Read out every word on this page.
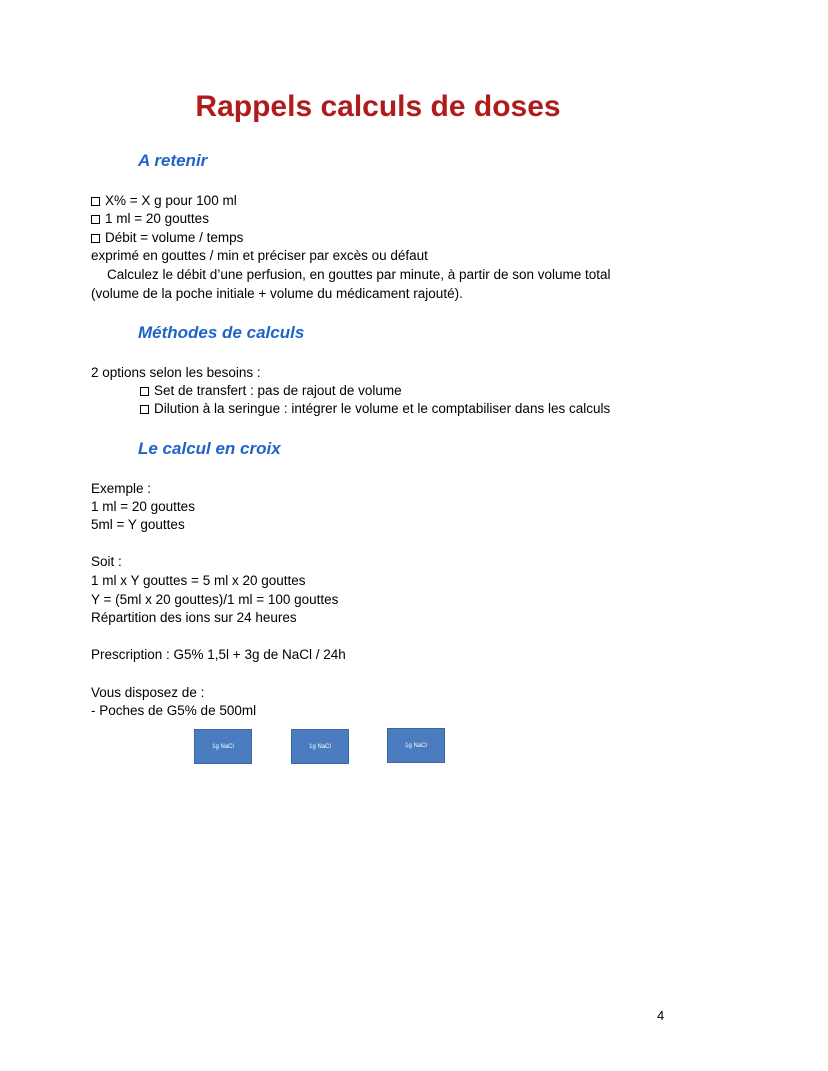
Rappels calculs de doses
A retenir

X% = X g pour 100 ml

1 ml = 20 gouttes

Débit = volume / temps

exprimé en gouttes / min et préciser par excès ou défaut

Calculez le débit d’une perfusion, en gouttes par minute, à partir de son volume total

(volume de la poche initiale + volume du médicament rajouté).

Méthodes de calculs

2 options selon les besoins :

Set de transfert : pas de rajout de volume

Dilution à la seringue : intégrer le volume et le comptabiliser dans les calculs

Le calcul en croix

Exemple :

1 ml = 20 gouttes

5ml = Y gouttes

Soit :

1 ml x Y gouttes = 5 ml x 20 gouttes

Y = (5ml x 20 gouttes)/1 ml = 100 gouttes

Répartition des ions sur 24 heures

Prescription : G5% 1,5l + 3g de NaCl / 24h

Vous disposez de :

- Poches de G5% de 500ml

1g NaCl	1g NaCl	1g NaCl
4
